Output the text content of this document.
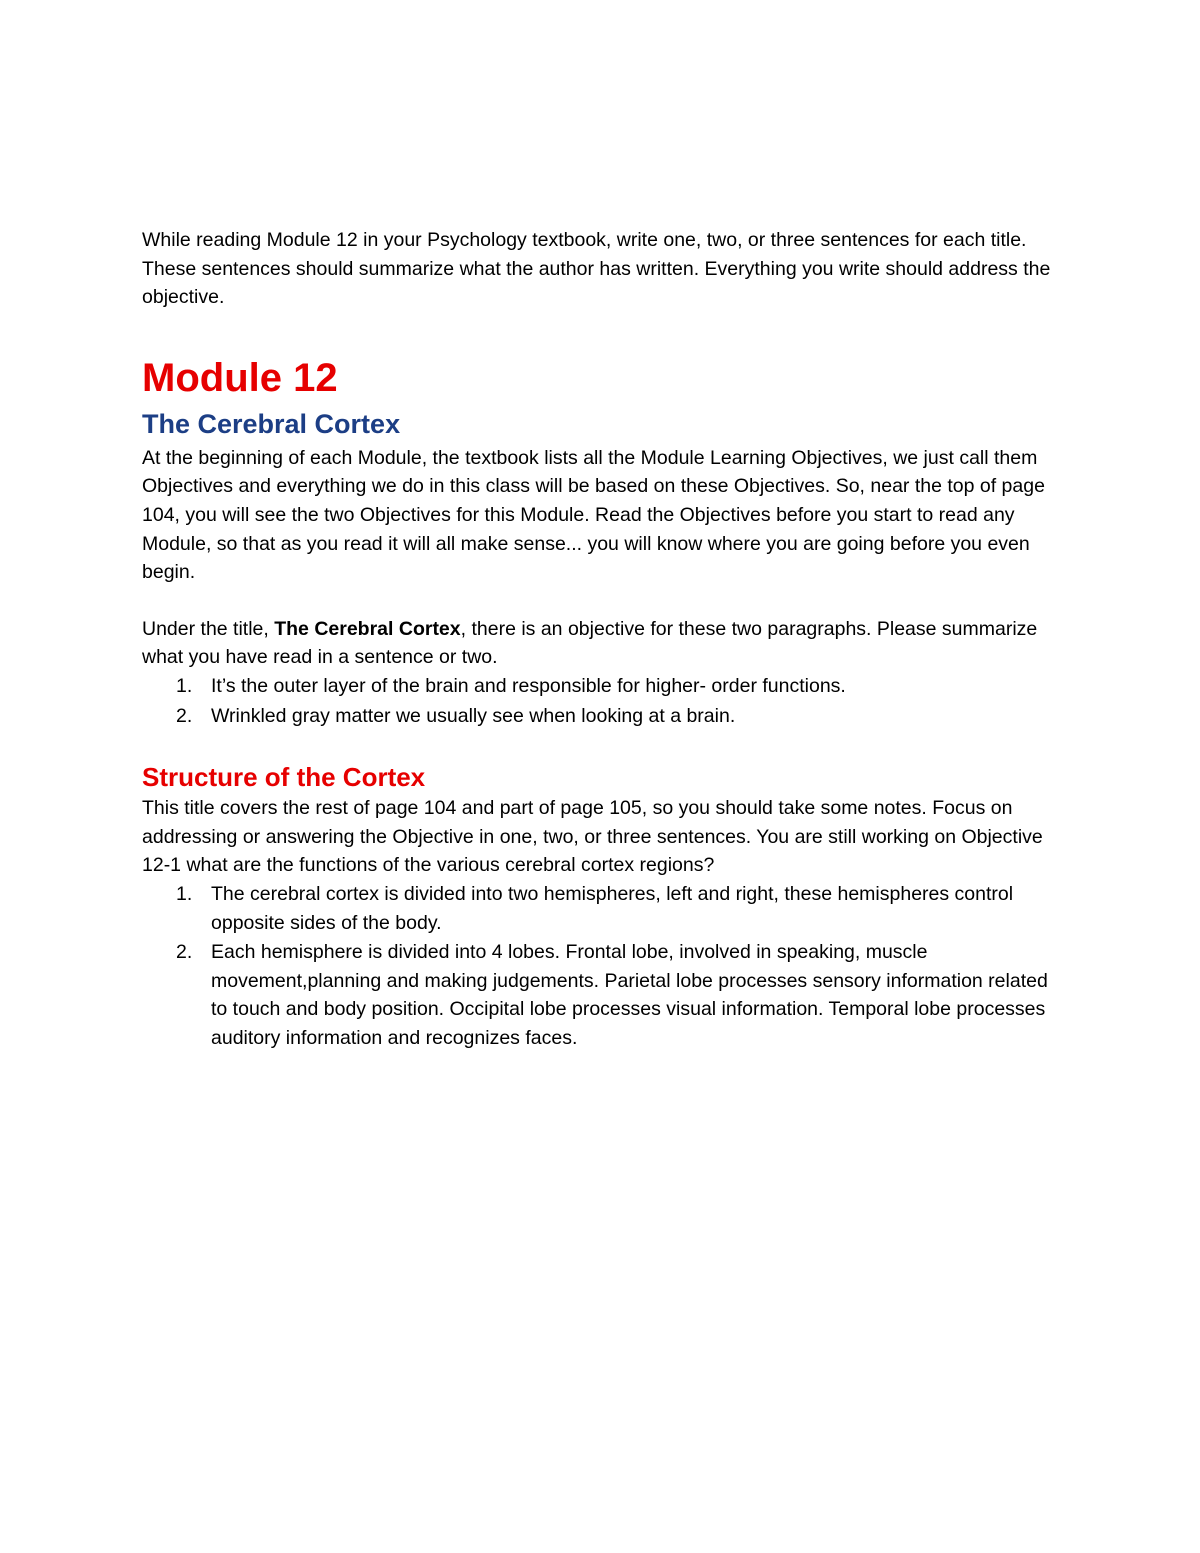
While reading Module 12 in your Psychology textbook, write one, two, or three sentences for each title. These sentences should summarize what the author has written. Everything you write should address the objective.

Module 12
The Cerebral Cortex

At the beginning of each Module, the textbook lists all the Module Learning Objectives, we just call them Objectives and everything we do in this class will be based on these Objectives. So, near the top of page 104, you will see the two Objectives for this Module. Read the Objectives before you start to read any Module, so that as you read it will all make sense... you will know where you are going before you even begin.

Under the title, The Cerebral Cortex, there is an objective for these two paragraphs. Please summarize what you have read in a sentence or two.

1. It’s the outer layer of the brain and responsible for higher- order functions.
2. Wrinkled gray matter we usually see when looking at a brain.
Structure of the Cortex

This title covers the rest of page 104 and part of page 105, so you should take some notes. Focus on addressing or answering the Objective in one, two, or three sentences. You are still working on Objective 12-1 what are the functions of the various cerebral cortex regions?

1. The cerebral cortex is divided into two hemispheres, left and right, these hemispheres control opposite sides of the body.
2. Each hemisphere is divided into 4 lobes. Frontal lobe, involved in speaking, muscle movement,planning and making judgements. Parietal lobe processes sensory information related to touch and body position. Occipital lobe processes visual information. Temporal lobe processes auditory information and recognizes faces.
